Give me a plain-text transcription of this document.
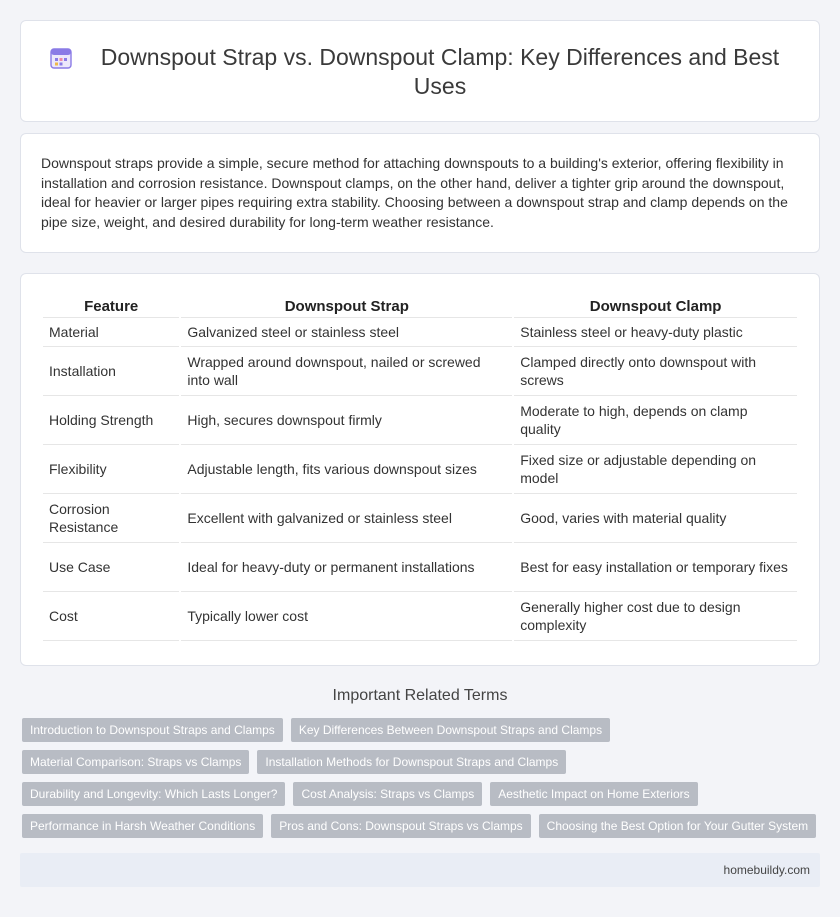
Downspout Strap vs. Downspout Clamp: Key Differences and Best Uses

Downspout straps provide a simple, secure method for attaching downspouts to a building's exterior, offering flexibility in installation and corrosion resistance. Downspout clamps, on the other hand, deliver a tighter grip around the downspout, ideal for heavier or larger pipes requiring extra stability. Choosing between a downspout strap and clamp depends on the pipe size, weight, and desired durability for long-term weather resistance.

Feature	Downspout Strap	Downspout Clamp
Material	Galvanized steel or stainless steel	Stainless steel or heavy-duty plastic
Installation	Wrapped around downspout, nailed or screwed into wall	Clamped directly onto downspout with screws
Holding Strength	High, secures downspout firmly	Moderate to high, depends on clamp quality
Flexibility	Adjustable length, fits various downspout sizes	Fixed size or adjustable depending on model
Corrosion Resistance	Excellent with galvanized or stainless steel	Good, varies with material quality
Use Case	Ideal for heavy-duty or permanent installations	Best for easy installation or temporary fixes
Cost	Typically lower cost	Generally higher cost due to design complexity
Important Related Terms
Introduction to Downspout Straps and Clamps	Key Differences Between Downspout Straps and Clamps
Material Comparison: Straps vs Clamps	Installation Methods for Downspout Straps and Clamps
Durability and Longevity: Which Lasts Longer?	Cost Analysis: Straps vs Clamps	Aesthetic Impact on Home Exteriors
Performance in Harsh Weather Conditions	Pros and Cons: Downspout Straps vs Clamps	Choosing the Best Option for Your Gutter System
homebuildy.com
